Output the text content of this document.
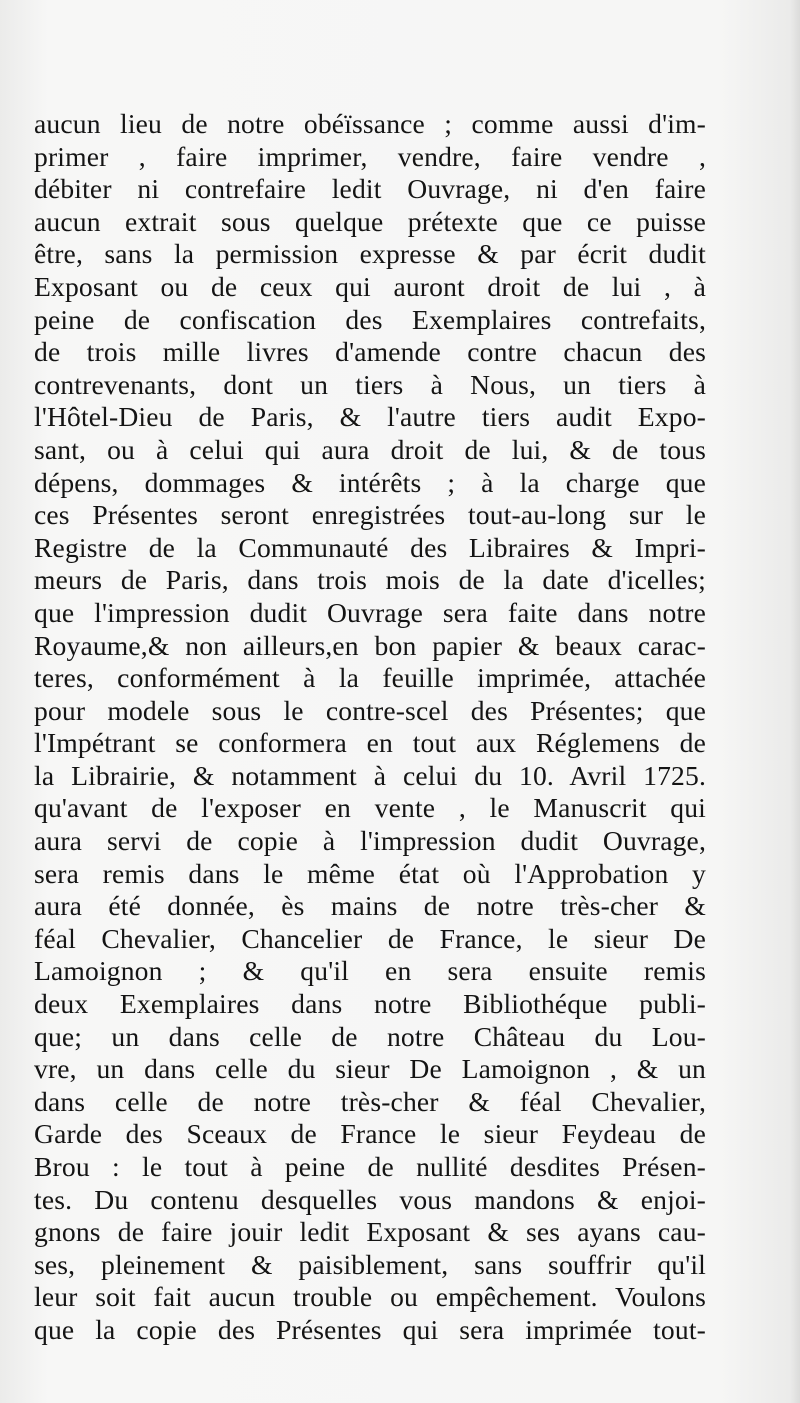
aucun lieu de notre obéïssance ; comme aussi d'im-
primer , faire imprimer, vendre, faire vendre ,
débiter ni contrefaire ledit Ouvrage, ni d'en faire
aucun extrait sous quelque prétexte que ce puisse
être, sans la permission expresse & par écrit dudit
Exposant ou de ceux qui auront droit de lui , à
peine de confiscation des Exemplaires contrefaits,
de trois mille livres d'amende contre chacun des
contrevenants, dont un tiers à Nous, un tiers à
l'Hôtel-Dieu de Paris, & l'autre tiers audit Expo-
sant, ou à celui qui aura droit de lui, & de tous
dépens, dommages & intérêts ; à la charge que
ces Présentes seront enregistrées tout-au-long sur le
Registre de la Communauté des Libraires & Impri-
meurs de Paris, dans trois mois de la date d'icelles;
que l'impression dudit Ouvrage sera faite dans notre
Royaume,& non ailleurs,en bon papier & beaux carac-
teres, conformément à la feuille imprimée, attachée
pour modele sous le contre-scel des Présentes; que
l'Impétrant se conformera en tout aux Réglemens de
la Librairie, & notamment à celui du 10. Avril 1725.
qu'avant de l'exposer en vente , le Manuscrit qui
aura servi de copie à l'impression dudit Ouvrage,
sera remis dans le même état où l'Approbation y
aura été donnée, ès mains de notre très-cher &
féal Chevalier, Chancelier de France, le sieur De
Lamoignon ; & qu'il en sera ensuite remis
deux Exemplaires dans notre Bibliothéque publi-
que; un dans celle de notre Château du Lou-
vre, un dans celle du sieur De Lamoignon , & un
dans celle de notre très-cher & féal Chevalier,
Garde des Sceaux de France le sieur Feydeau de
Brou : le tout à peine de nullité desdites Présen-
tes. Du contenu desquelles vous mandons & enjoi-
gnons de faire jouir ledit Exposant & ses ayans cau-
ses, pleinement & paisiblement, sans souffrir qu'il
leur soit fait aucun trouble ou empêchement. Voulons
que la copie des Présentes qui sera imprimée tout-
